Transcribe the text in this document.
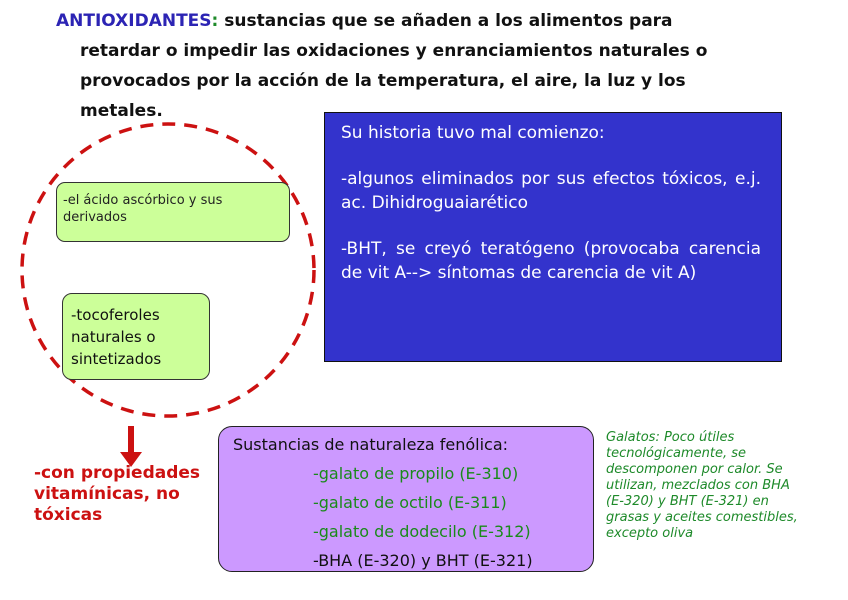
ANTIOXIDANTES: sustancias que se añaden a los alimentos para
retardar o impedir las oxidaciones y enranciamientos naturales o provocados por la acción de la temperatura, el aire, la luz y los metales.
-el ácido ascórbico y sus derivados
-tocoferoles naturales o sintetizados
-con propiedades vitamínicas, no tóxicas

Su historia tuvo mal comienzo:

-algunos eliminados por sus efectos tóxicos, e.j. ac. Dihidroguaiarético

-BHT, se creyó teratógeno (provocaba carencia de vit A--> síntomas de carencia de vit A)

Sustancias de naturaleza fenólica:
-galato de propilo (E-310)
-galato de octilo (E-311)
-galato de dodecilo (E-312)
-BHA (E-320) y BHT (E-321)
Galatos: Poco útiles tecnológicamente, se descomponen por calor. Se utilizan, mezclados con BHA (E-320) y BHT (E-321) en grasas y aceites comestibles, excepto oliva
